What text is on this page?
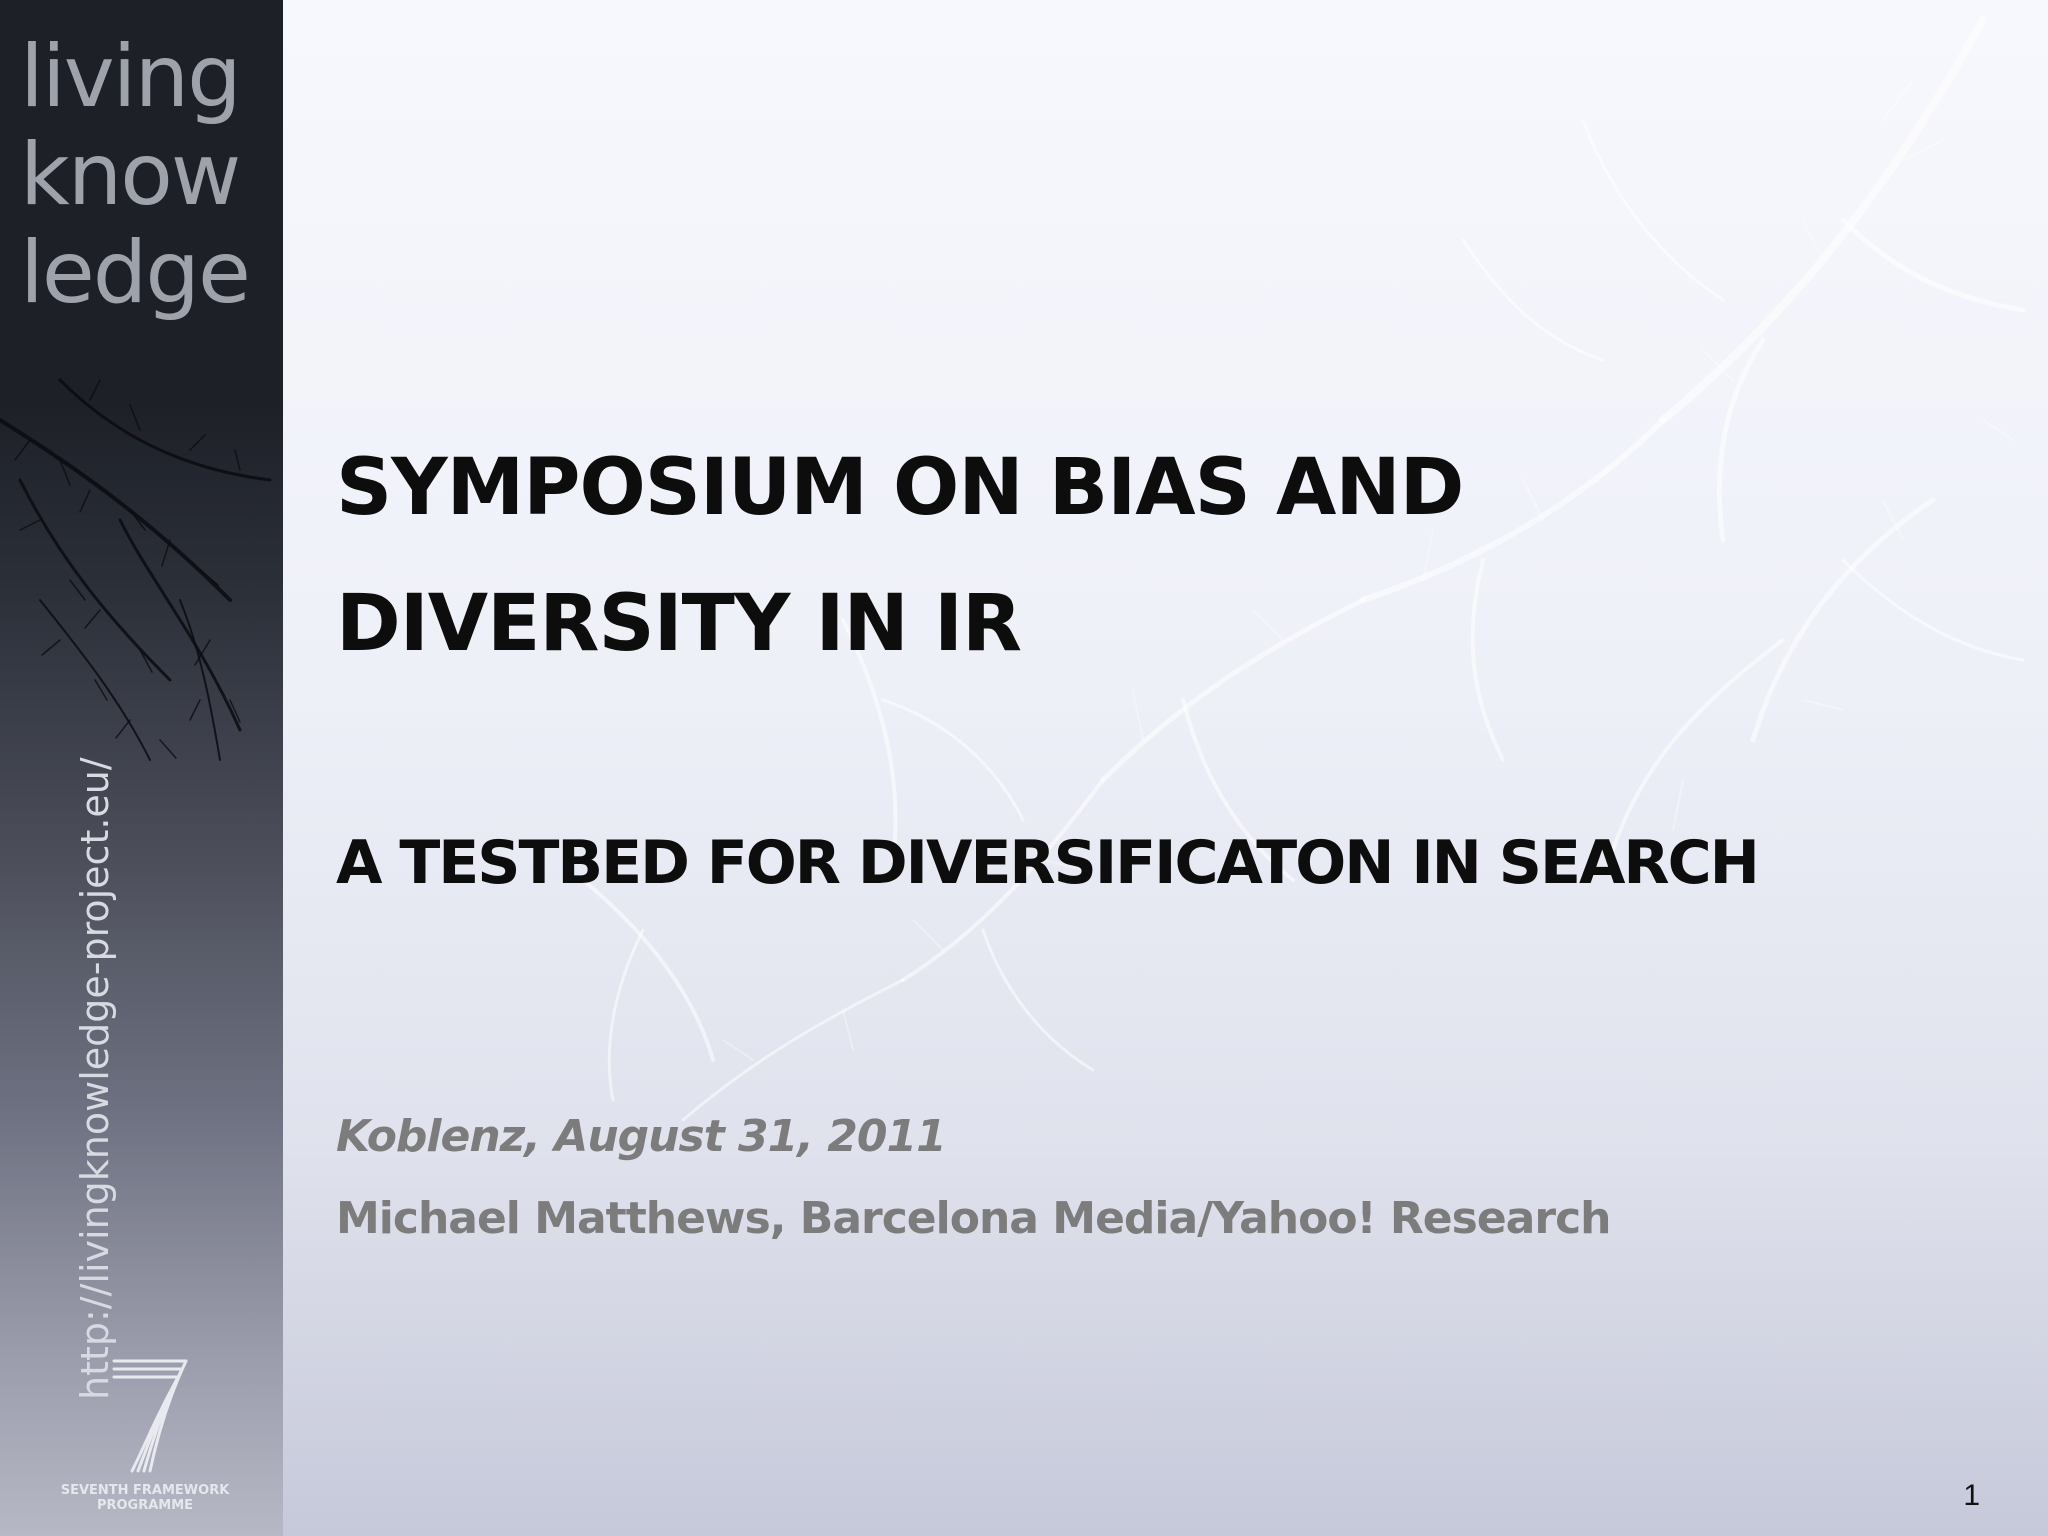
living
know
ledge
http://livingknowledge-project.eu/
SEVENTH FRAMEWORK
PROGRAMME
SYMPOSIUM ON BIAS AND
DIVERSITY IN IR
A TESTBED FOR DIVERSIFICATON IN SEARCH
Koblenz, August 31, 2011
Michael Matthews, Barcelona Media/Yahoo! Research
1
